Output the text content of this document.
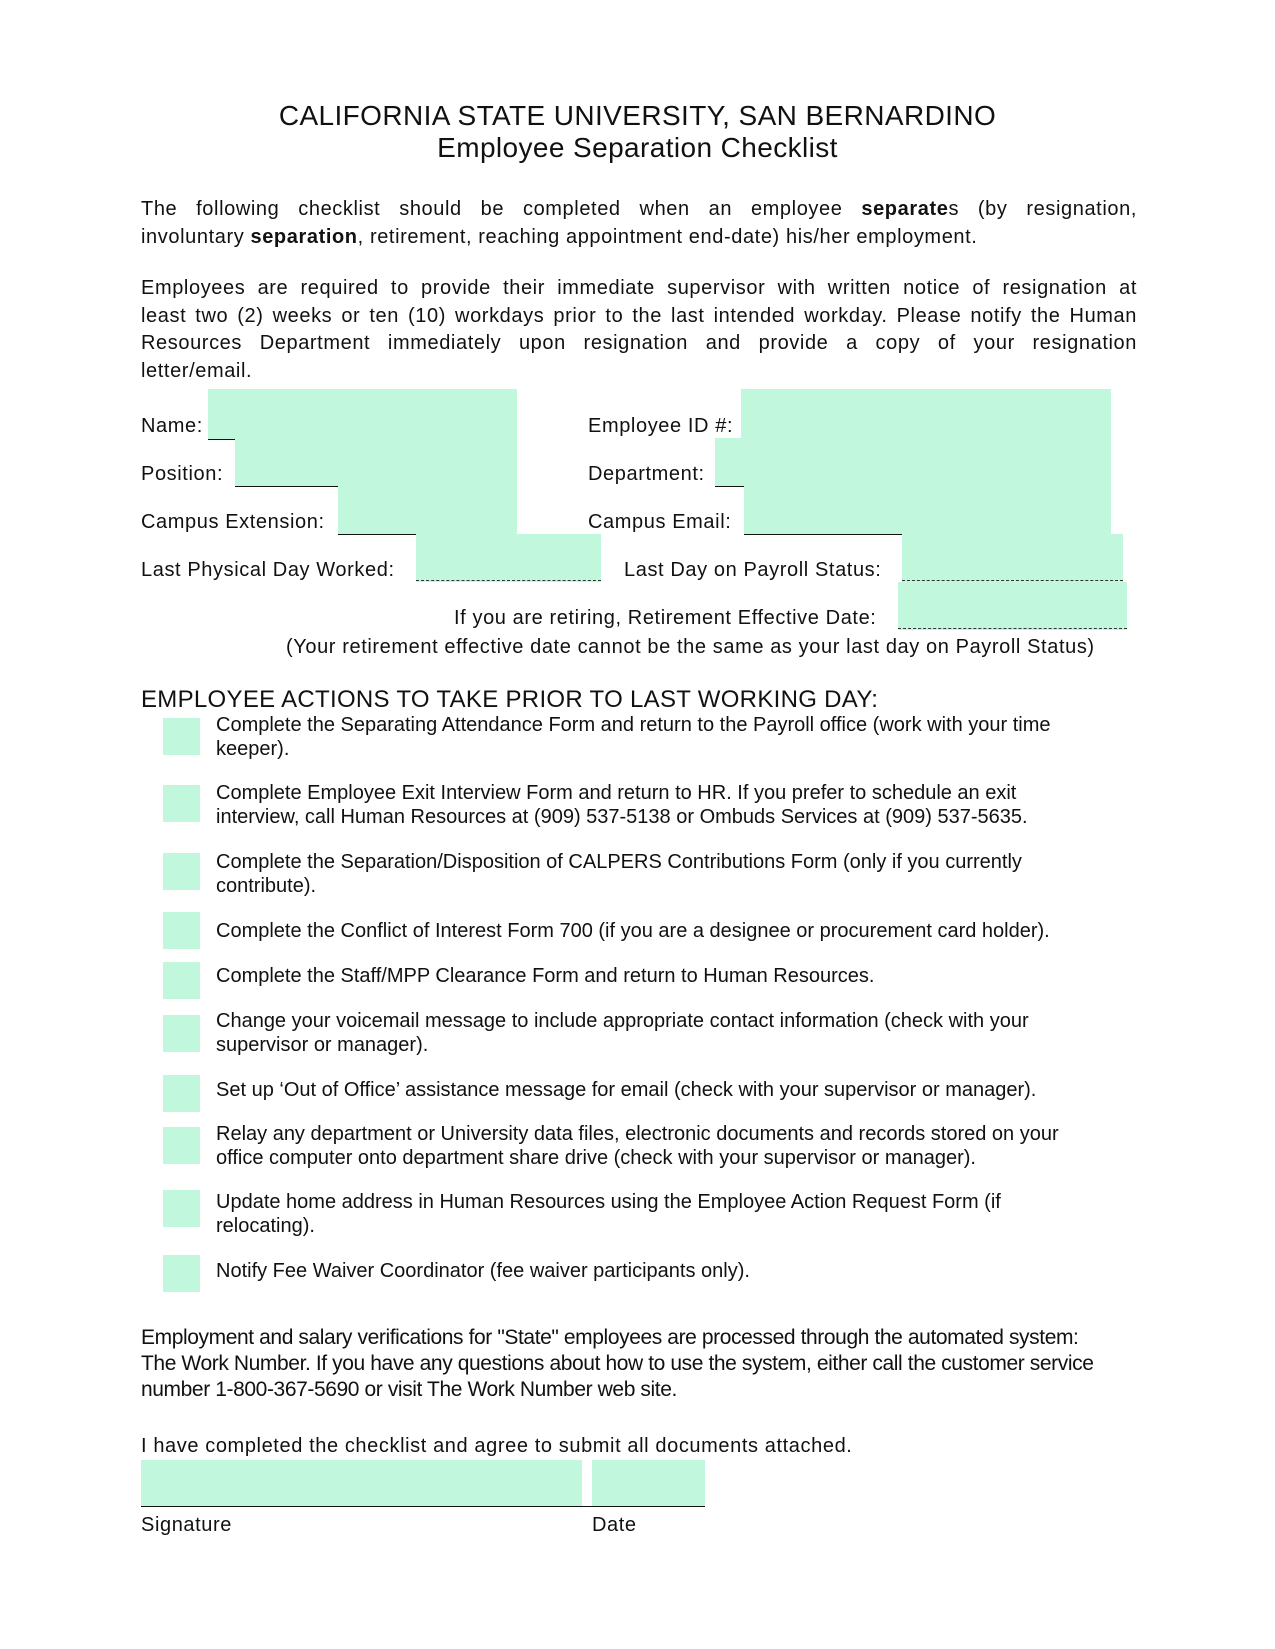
CALIFORNIA STATE UNIVERSITY, SAN BERNARDINO
Employee Separation Checklist
The following checklist should be completed when an employee separates (by resignation,
involuntary separation, retirement, reaching appointment end-date) his/her employment.
Employees are required to provide their immediate supervisor with written notice of resignation at
least two (2) weeks or ten (10) workdays prior to the last intended workday. Please notify the Human
Resources Department immediately upon resignation and provide a copy of your resignation
letter/email.
Name:	Employee ID #:
Position:	Department:
Campus Extension:	Campus Email:
Last Physical Day Worked:	Last Day on Payroll Status:
If you are retiring, Retirement Effective Date:
(Your retirement effective date cannot be the same as your last day on Payroll Status)
EMPLOYEE ACTIONS TO TAKE PRIOR TO LAST WORKING DAY:
Complete the Separating Attendance Form and return to the Payroll office (work with your time
keeper).
Complete Employee Exit Interview Form and return to HR. If you prefer to schedule an exit
interview, call Human Resources at (909) 537-5138 or Ombuds Services at (909) 537-5635.
Complete the Separation/Disposition of CALPERS Contributions Form (only if you currently
contribute).
Complete the Conflict of Interest Form 700 (if you are a designee or procurement card holder).
Complete the Staff/MPP Clearance Form and return to Human Resources.
Change your voicemail message to include appropriate contact information (check with your
supervisor or manager).
Set up ‘Out of Office’ assistance message for email (check with your supervisor or manager).
Relay any department or University data files, electronic documents and records stored on your
office computer onto department share drive (check with your supervisor or manager).
Update home address in Human Resources using the Employee Action Request Form (if
relocating).
Notify Fee Waiver Coordinator (fee waiver participants only).
Employment and salary verifications for "State" employees are processed through the automated system:
The Work Number. If you have any questions about how to use the system, either call the customer service
number 1-800-367-5690 or visit The Work Number web site.
I have completed the checklist and agree to submit all documents attached.
Signature	Date
